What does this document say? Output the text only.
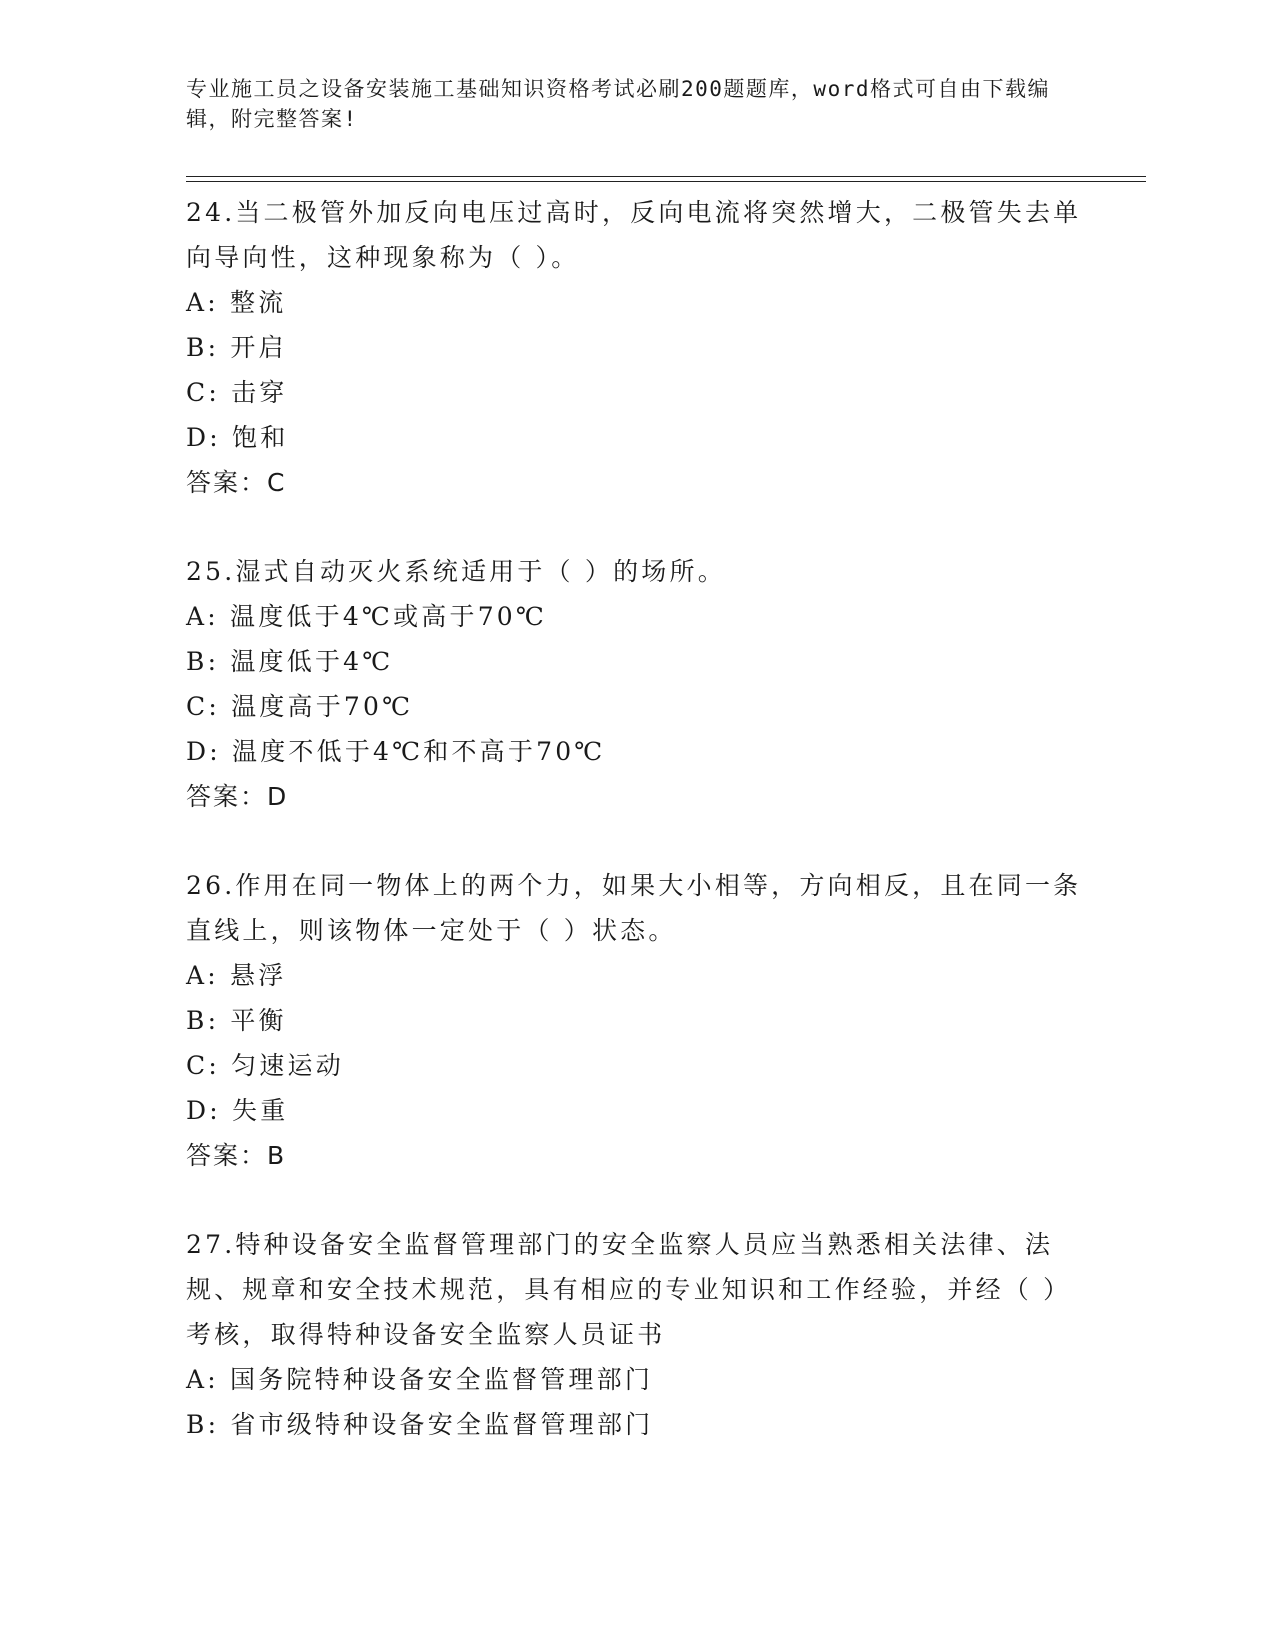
专业施工员之设备安装施工基础知识资格考试必刷200题题库，word格式可自由下载编辑，附完整答案!

24.当二极管外加反向电压过高时，反向电流将突然增大，二极管失去单向导向性，这种现象称为（ ）。

A: 整流

B: 开启

C: 击穿

D: 饱和

答案：C

25.湿式自动灭火系统适用于（ ）的场所。

A: 温度低于4℃或高于70℃

B: 温度低于4℃

C: 温度高于70℃

D: 温度不低于4℃和不高于70℃

答案：D

26.作用在同一物体上的两个力，如果大小相等，方向相反，且在同一条直线上，则该物体一定处于（ ）状态。

A: 悬浮

B: 平衡

C: 匀速运动

D: 失重

答案：B

27.特种设备安全监督管理部门的安全监察人员应当熟悉相关法律、法规、规章和安全技术规范，具有相应的专业知识和工作经验，并经（ ）考核，取得特种设备安全监察人员证书

A: 国务院特种设备安全监督管理部门

B: 省市级特种设备安全监督管理部门
